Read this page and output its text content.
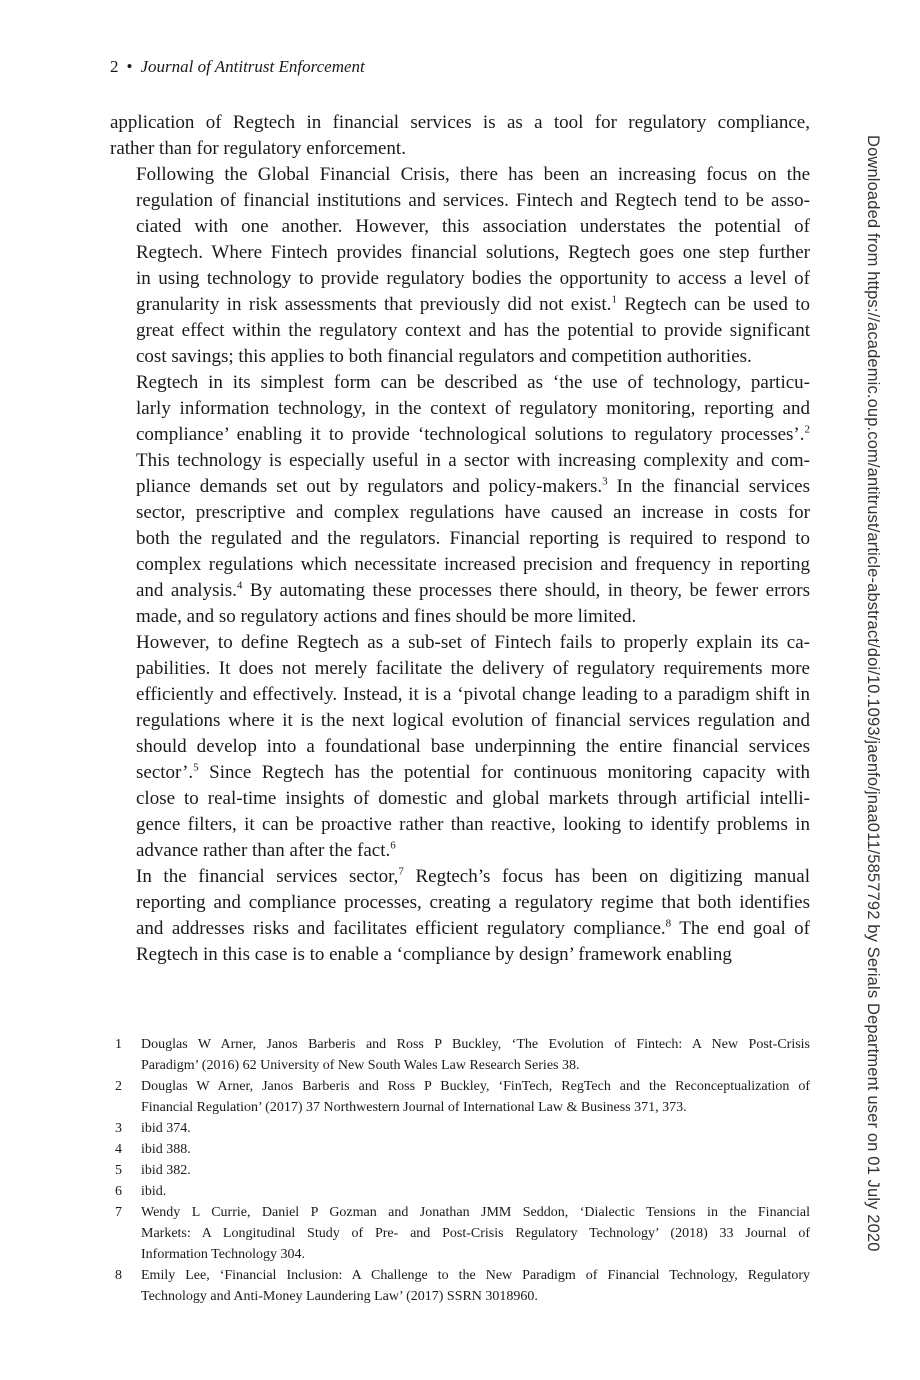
2 • Journal of Antitrust Enforcement

application of Regtech in financial services is as a tool for regulatory compliance,
rather than for regulatory enforcement.

Following the Global Financial Crisis, there has been an increasing focus on the
regulation of financial institutions and services. Fintech and Regtech tend to be asso-
ciated with one another. However, this association understates the potential of
Regtech. Where Fintech provides financial solutions, Regtech goes one step further
in using technology to provide regulatory bodies the opportunity to access a level of
granularity in risk assessments that previously did not exist.$^1$ Regtech can be used to
great effect within the regulatory context and has the potential to provide significant
cost savings; this applies to both financial regulators and competition authorities.

Regtech in its simplest form can be described as ‘the use of technology, particu-
larly information technology, in the context of regulatory monitoring, reporting and
compliance’ enabling it to provide ‘technological solutions to regulatory processes’.$^2$
This technology is especially useful in a sector with increasing complexity and com-
pliance demands set out by regulators and policy-makers.$^3$ In the financial services
sector, prescriptive and complex regulations have caused an increase in costs for
both the regulated and the regulators. Financial reporting is required to respond to
complex regulations which necessitate increased precision and frequency in reporting
and analysis.$^4$ By automating these processes there should, in theory, be fewer errors
made, and so regulatory actions and fines should be more limited.

However, to define Regtech as a sub-set of Fintech fails to properly explain its ca-
pabilities. It does not merely facilitate the delivery of regulatory requirements more
efficiently and effectively. Instead, it is a ‘pivotal change leading to a paradigm shift in
regulations where it is the next logical evolution of financial services regulation and
should develop into a foundational base underpinning the entire financial services
sector’.$^5$ Since Regtech has the potential for continuous monitoring capacity with
close to real-time insights of domestic and global markets through artificial intelli-
gence filters, it can be proactive rather than reactive, looking to identify problems in
advance rather than after the fact.$^6$

In the financial services sector,$^7$ Regtech’s focus has been on digitizing manual
reporting and compliance processes, creating a regulatory regime that both identifies
and addresses risks and facilitates efficient regulatory compliance.$^8$ The end goal of
Regtech in this case is to enable a ‘compliance by design’ framework enabling

1	Douglas W Arner, Janos Barberis and Ross P Buckley, ‘The Evolution of Fintech: A New Post-Crisis
Paradigm’ (2016) 62 University of New South Wales Law Research Series 38.
2	Douglas W Arner, Janos Barberis and Ross P Buckley, ‘FinTech, RegTech and the Reconceptualization of
Financial Regulation’ (2017) 37 Northwestern Journal of International Law & Business 371, 373.
3	ibid 374.
4	ibid 388.
5	ibid 382.
6	ibid.
7	Wendy L Currie, Daniel P Gozman and Jonathan JMM Seddon, ‘Dialectic Tensions in the Financial
Markets: A Longitudinal Study of Pre- and Post-Crisis Regulatory Technology’ (2018) 33 Journal of
Information Technology 304.
8	Emily Lee, ‘Financial Inclusion: A Challenge to the New Paradigm of Financial Technology, Regulatory
Technology and Anti-Money Laundering Law’ (2017) SSRN 3018960.
Downloaded from https://academic.oup.com/antitrust/article-abstract/doi/10.1093/jaenfo/jnaa011/5857792 by Serials Department user on 01 July 2020
